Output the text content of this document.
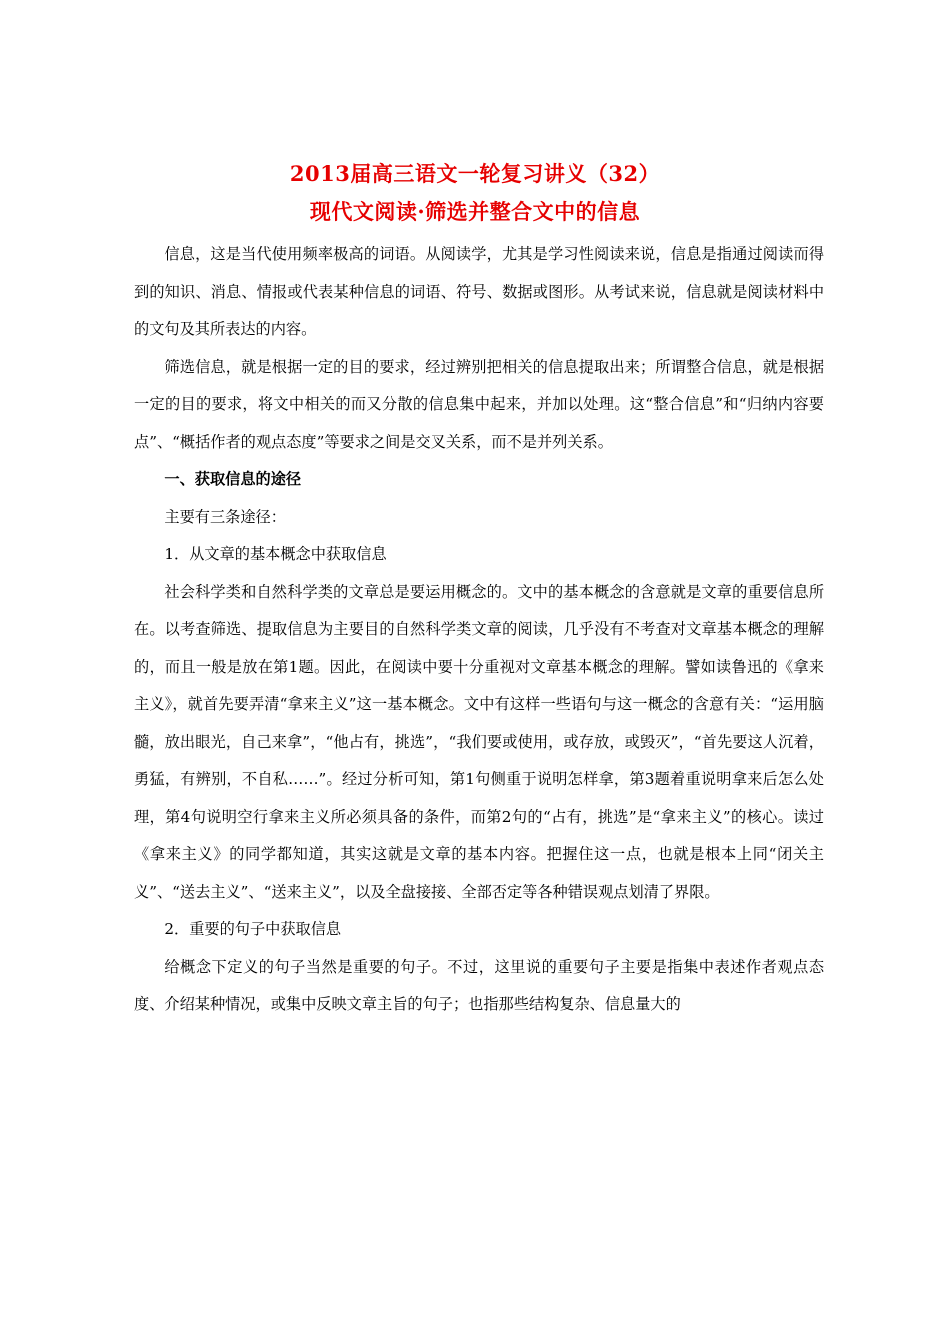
2013届高三语文一轮复习讲义（32）
现代文阅读·筛选并整合文中的信息

信息，这是当代使用频率极高的词语。从阅读学，尤其是学习性阅读来说，信息是指通过阅读而得到的知识、消息、情报或代表某种信息的词语、符号、数据或图形。从考试来说，信息就是阅读材料中的文句及其所表达的内容。

筛选信息，就是根据一定的目的要求，经过辨别把相关的信息提取出来；所谓整合信息，就是根据一定的目的要求，将文中相关的而又分散的信息集中起来，并加以处理。这“整合信息”和“归纳内容要点”、“概括作者的观点态度”等要求之间是交叉关系，而不是并列关系。

一、获取信息的途径

主要有三条途径：

1．从文章的基本概念中获取信息

社会科学类和自然科学类的文章总是要运用概念的。文中的基本概念的含意就是文章的重要信息所在。以考查筛选、提取信息为主要目的自然科学类文章的阅读，几乎没有不考查对文章基本概念的理解的，而且一般是放在第1题。因此，在阅读中要十分重视对文章基本概念的理解。譬如读鲁迅的《拿来主义》，就首先要弄清“拿来主义”这一基本概念。文中有这样一些语句与这一概念的含意有关：“运用脑髓，放出眼光，自己来拿”，“他占有，挑选”，“我们要或使用，或存放，或毁灭”，“首先要这人沉着，勇猛，有辨别，不自私……”。经过分析可知，第1句侧重于说明怎样拿，第3题着重说明拿来后怎么处理，第4句说明空行拿来主义所必须具备的条件，而第2句的“占有，挑选”是“拿来主义”的核心。读过《拿来主义》的同学都知道，其实这就是文章的基本内容。把握住这一点，也就是根本上同“闭关主义”、“送去主义”、“送来主义”，以及全盘接接、全部否定等各种错误观点划清了界限。

2．重要的句子中获取信息

给概念下定义的句子当然是重要的句子。不过，这里说的重要句子主要是指集中表述作者观点态度、介绍某种情况，或集中反映文章主旨的句子；也指那些结构复杂、信息量大的
